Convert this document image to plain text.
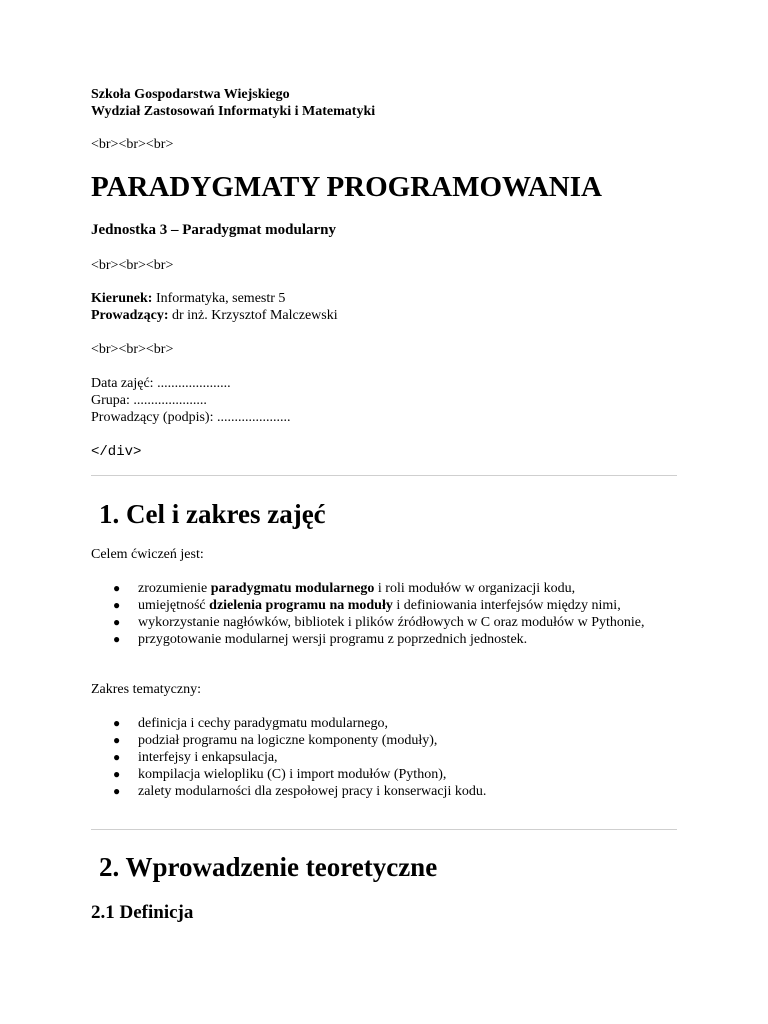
Szkoła Gospodarstwa Wiejskiego
Wydział Zastosowań Informatyki i Matematyki
<br><br><br>
PARADYGMATY PROGRAMOWANIA
Jednostka 3 – Paradygmat modularny
<br><br><br>
Kierunek: Informatyka, semestr 5
Prowadzący: dr inż. Krzysztof Malczewski
<br><br><br>
Data zajęć: .....................
Grupa: .....................
Prowadzący (podpis): .....................
</div>
1. Cel i zakres zajęć
Celem ćwiczeń jest:
● zrozumienie paradygmatu modularnego i roli modułów w organizacji kodu,
● umiejętność dzielenia programu na moduły i definiowania interfejsów między nimi,
● wykorzystanie nagłówków, bibliotek i plików źródłowych w C oraz modułów w Pythonie,
● przygotowanie modularnej wersji programu z poprzednich jednostek.
Zakres tematyczny:
● definicja i cechy paradygmatu modularnego,
● podział programu na logiczne komponenty (moduły),
● interfejsy i enkapsulacja,
● kompilacja wielopliku (C) i import modułów (Python),
● zalety modularności dla zespołowej pracy i konserwacji kodu.
2. Wprowadzenie teoretyczne
2.1 Definicja
